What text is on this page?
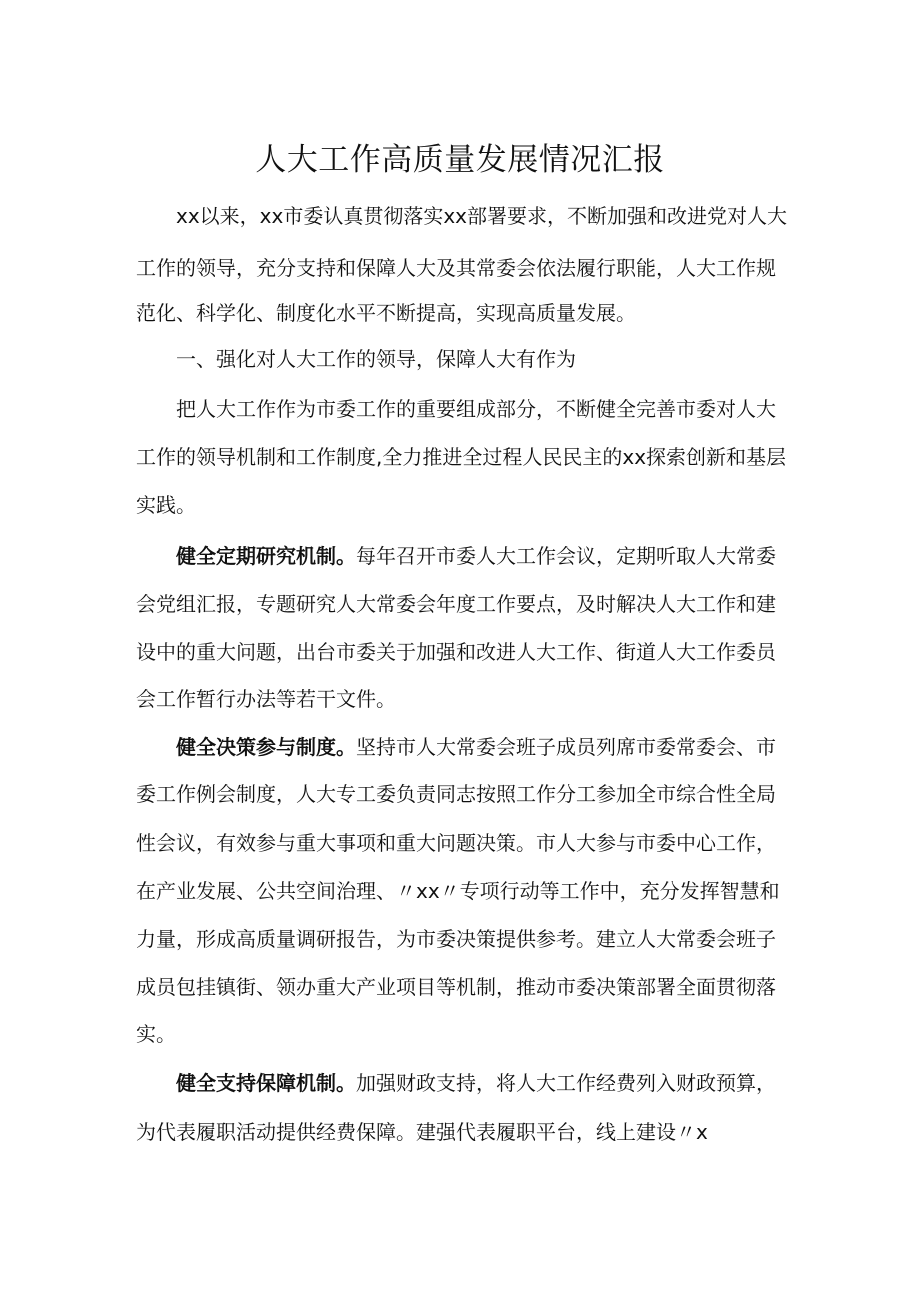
人大工作高质量发展情况汇报
xx以来，xx市委认真贯彻落实xx部署要求，不断加强和改进党对人大
工作的领导，充分支持和保障人大及其常委会依法履行职能，人大工作规
范化、科学化、制度化水平不断提高，实现高质量发展。
一、强化对人大工作的领导，保障人大有作为
把人大工作作为市委工作的重要组成部分，不断健全完善市委对人大
工作的领导机制和工作制度,全力推进全过程人民民主的xx探索创新和基层
实践。
健全定期研究机制。每年召开市委人大工作会议，定期听取人大常委
会党组汇报，专题研究人大常委会年度工作要点，及时解决人大工作和建
设中的重大问题，出台市委关于加强和改进人大工作、街道人大工作委员
会工作暂行办法等若干文件。
健全决策参与制度。坚持市人大常委会班子成员列席市委常委会、市
委工作例会制度，人大专工委负责同志按照工作分工参加全市综合性全局
性会议，有效参与重大事项和重大问题决策。市人大参与市委中心工作，
在产业发展、公共空间治理、〃xx〃专项行动等工作中，充分发挥智慧和
力量，形成高质量调研报告，为市委决策提供参考。建立人大常委会班子
成员包挂镇街、领办重大产业项目等机制，推动市委决策部署全面贯彻落
实。
健全支持保障机制。加强财政支持，将人大工作经费列入财政预算，
为代表履职活动提供经费保障。建强代表履职平台，线上建设〃x
